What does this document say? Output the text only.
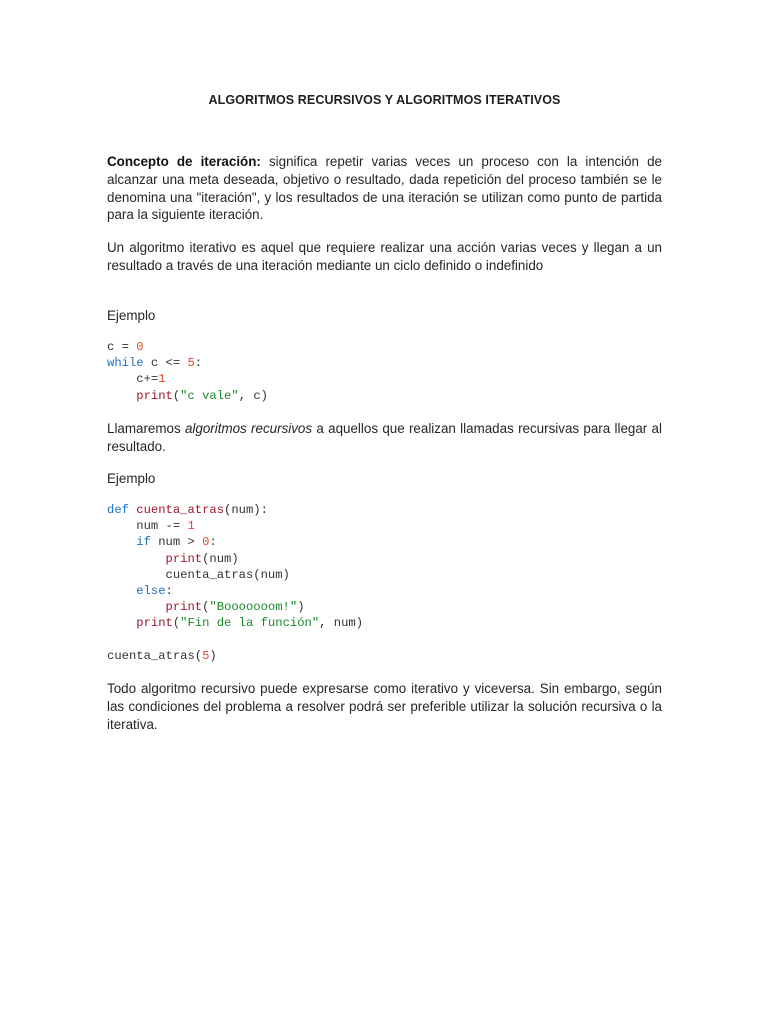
ALGORITMOS RECURSIVOS Y ALGORITMOS ITERATIVOS
Concepto de iteración: significa repetir varias veces un proceso con la intención de alcanzar una meta deseada, objetivo o resultado, dada repetición del proceso también se le denomina una "iteración", y los resultados de una iteración se utilizan como punto de partida para la siguiente iteración.
Un algoritmo iterativo es aquel que requiere realizar una acción varias veces y llegan a un resultado a través de una iteración mediante un ciclo definido o indefinido
Ejemplo
c = 0
while c <= 5:
c+=1
print("c vale", c)
Llamaremos algoritmos recursivos a aquellos que realizan llamadas recursivas para llegar al resultado.
Ejemplo
def cuenta_atras(num):
num -= 1
if num > 0:
print(num)
cuenta_atras(num)
else:
print("Booooooom!")
print("Fin de la función", num)

cuenta_atras(5)
Todo algoritmo recursivo puede expresarse como iterativo y viceversa. Sin embargo, según las condiciones del problema a resolver podrá ser preferible utilizar la solución recursiva o la iterativa.
